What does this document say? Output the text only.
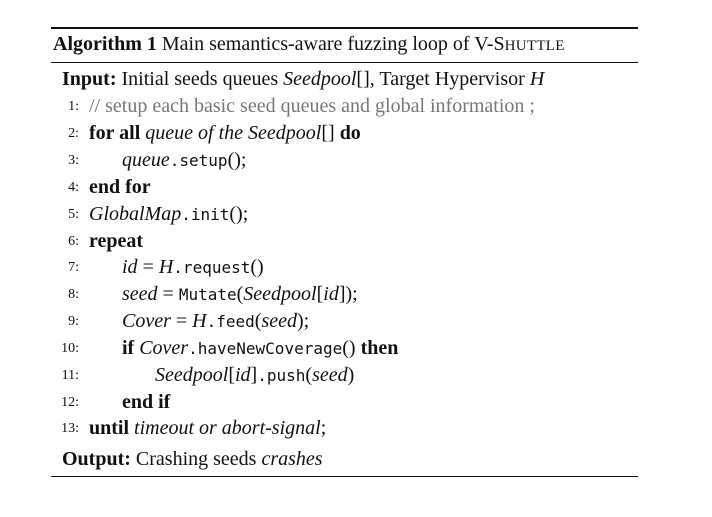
Algorithm 1 Main semantics-aware fuzzing loop of V-SHUTTLE
Input: Initial seeds queues Seedpool[], Target Hypervisor H
1: // setup each basic seed queues and global information ;
2: for all queue of the Seedpool[] do
3: queue.setup();
4: end for
5: GlobalMap.init();
6: repeat
7: id = H.request()
8: seed = Mutate(Seedpool[id]);
9: Cover = H.feed(seed);
10: if Cover.haveNewCoverage() then
11:	Seedpool[id].push(seed)
12: end if
13: until timeout or abort-signal;
Output: Crashing seeds crashes
